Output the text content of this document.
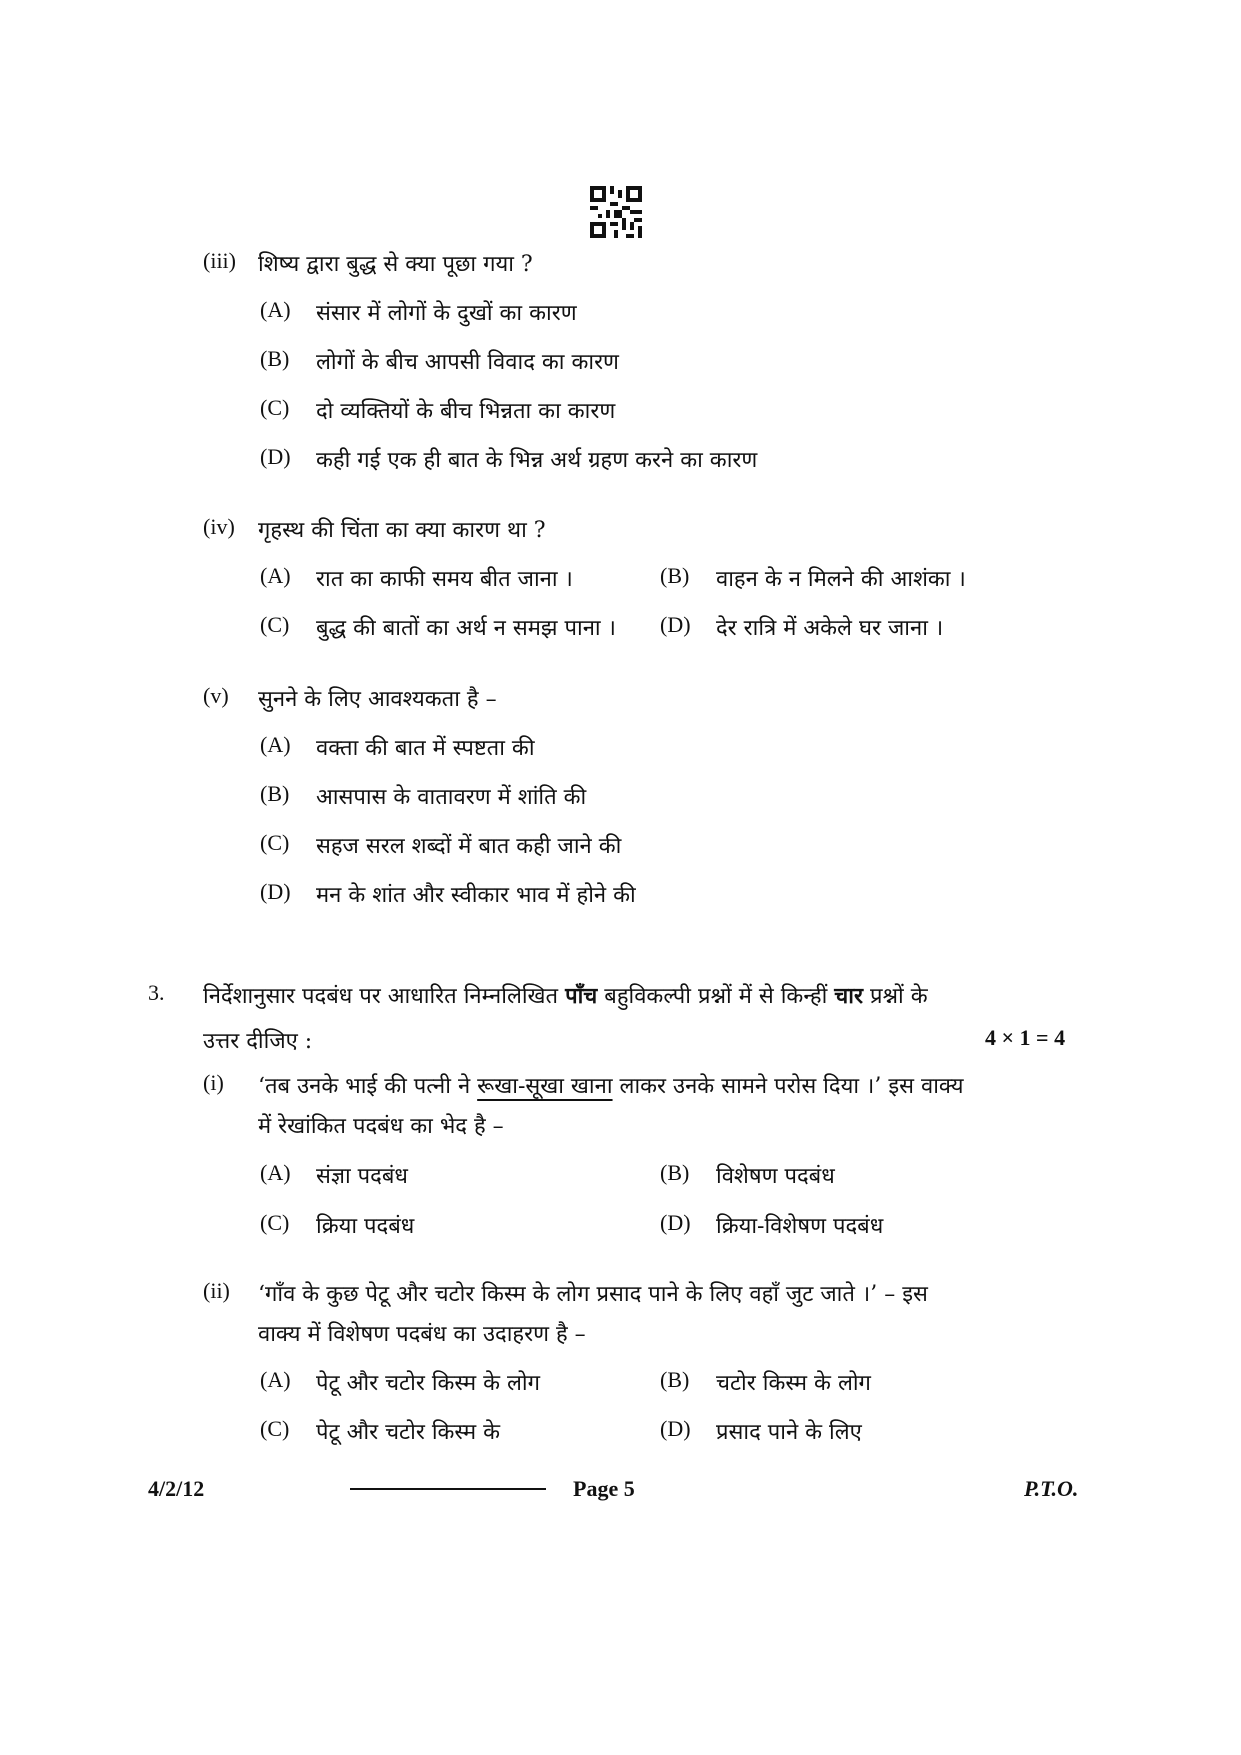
(iii) शिष्य द्वारा बुद्ध से क्या पूछा गया ?
(A) संसार में लोगों के दुखों का कारण
(B) लोगों के बीच आपसी विवाद का कारण
(C) दो व्यक्तियों के बीच भिन्नता का कारण
(D) कही गई एक ही बात के भिन्न अर्थ ग्रहण करने का कारण
(iv) गृहस्थ की चिंता का क्या कारण था ?
(A) रात का काफी समय बीत जाना ।	(B) वाहन के न मिलने की आशंका ।
(C) बुद्ध की बातों का अर्थ न समझ पाना । (D) देर रात्रि में अकेले घर जाना ।
(v) सुनने के लिए आवश्यकता है –
(A) वक्ता की बात में स्पष्टता की
(B) आसपास के वातावरण में शांति की
(C) सहज सरल शब्दों में बात कही जाने की
(D) मन के शांत और स्वीकार भाव में होने की
3. निर्देशानुसार पदबंध पर आधारित निम्नलिखित पाँच बहुविकल्पी प्रश्नों में से किन्हीं चार प्रश्नों के
उत्तर दीजिए :	4 × 1 = 4
(i) ‘तब उनके भाई की पत्नी ने रूखा-सूखा खाना लाकर उनके सामने परोस दिया ।’ इस वाक्य
में रेखांकित पदबंध का भेद है –
(A) संज्ञा पदबंध	(B) विशेषण पदबंध
(C) क्रिया पदबंध	(D) क्रिया-विशेषण पदबंध
(ii) ‘गाँव के कुछ पेटू और चटोर किस्म के लोग प्रसाद पाने के लिए वहाँ जुट जाते ।’ – इस
वाक्य में विशेषण पदबंध का उदाहरण है –
(A) पेटू और चटोर किस्म के लोग	(B) चटोर किस्म के लोग
(C) पेटू और चटोर किस्म के	(D) प्रसाद पाने के लिए
4/2/12	Page 5	P.T.O.
